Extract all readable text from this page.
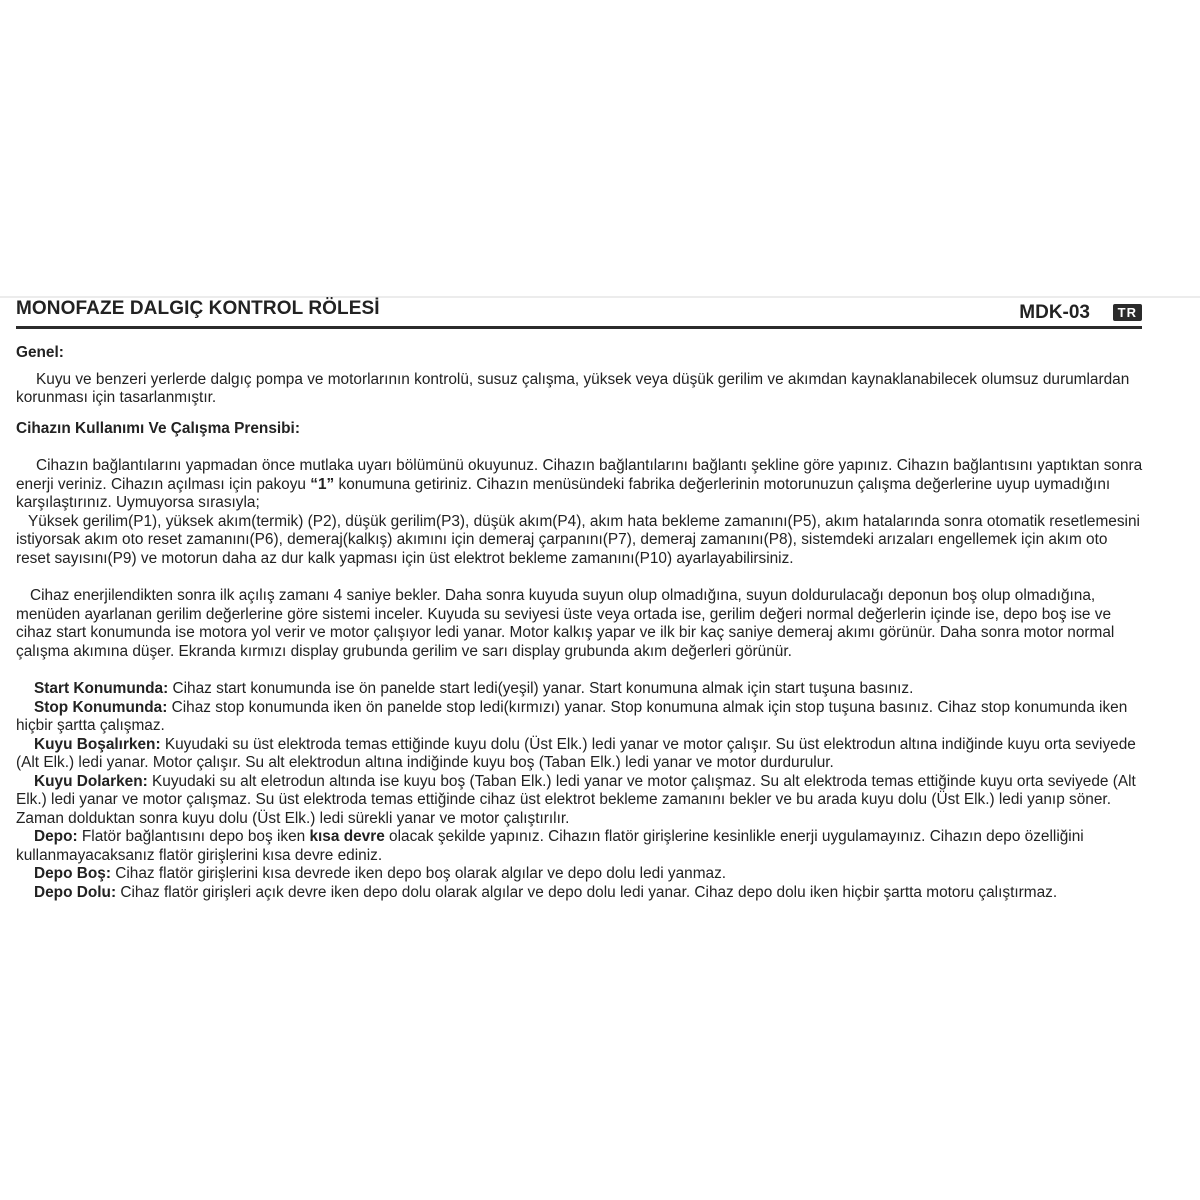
MONOFAZE DALGIÇ KONTROL RÖLESİ	MDK-03	TR

Genel:

Kuyu ve benzeri yerlerde dalgıç pompa ve motorlarının kontrolü, susuz çalışma, yüksek veya düşük gerilim ve akımdan kaynaklanabilecek olumsuz durumlardan korunması için tasarlanmıştır.

Cihazın Kullanımı Ve Çalışma Prensibi:

Cihazın bağlantılarını yapmadan önce mutlaka uyarı bölümünü okuyunuz. Cihazın bağlantılarını bağlantı şekline göre yapınız. Cihazın bağlantısını yaptıktan sonra enerji veriniz. Cihazın açılması için pakoyu “1” konumuna getiriniz. Cihazın menüsündeki fabrika değerlerinin motorunuzun çalışma değerlerine uyup uymadığını karşılaştırınız. Uymuyorsa sırasıyla;

Yüksek gerilim(P1), yüksek akım(termik) (P2), düşük gerilim(P3), düşük akım(P4), akım hata bekleme zamanını(P5), akım hatalarında sonra otomatik resetlemesini istiyorsak akım oto reset zamanını(P6), demeraj(kalkış) akımını için demeraj çarpanını(P7), demeraj zamanını(P8), sistemdeki arızaları engellemek için akım oto reset sayısını(P9) ve motorun daha az dur kalk yapması için üst elektrot bekleme zamanını(P10) ayarlayabilirsiniz.

Cihaz enerjilendikten sonra ilk açılış zamanı 4 saniye bekler. Daha sonra kuyuda suyun olup olmadığına, suyun doldurulacağı deponun boş olup olmadığına, menüden ayarlanan gerilim değerlerine göre sistemi inceler. Kuyuda su seviyesi üste veya ortada ise, gerilim değeri normal değerlerin içinde ise, depo boş ise ve cihaz start konumunda ise motora yol verir ve motor çalışıyor ledi yanar. Motor kalkış yapar ve ilk bir kaç saniye demeraj akımı görünür. Daha sonra motor normal çalışma akımına düşer. Ekranda kırmızı display grubunda gerilim ve sarı display grubunda akım değerleri görünür.

Start Konumunda: Cihaz start konumunda ise ön panelde start ledi(yeşil) yanar. Start konumuna almak için start tuşuna basınız.

Stop Konumunda: Cihaz stop konumunda iken ön panelde stop ledi(kırmızı) yanar. Stop konumuna almak için stop tuşuna basınız. Cihaz stop konumunda iken hiçbir şartta çalışmaz.

Kuyu Boşalırken: Kuyudaki su üst elektroda temas ettiğinde kuyu dolu (Üst Elk.) ledi yanar ve motor çalışır. Su üst elektrodun altına indiğinde kuyu orta seviyede (Alt Elk.) ledi yanar. Motor çalışır. Su alt elektrodun altına indiğinde kuyu boş (Taban Elk.) ledi yanar ve motor durdurulur.

Kuyu Dolarken: Kuyudaki su alt eletrodun altında ise kuyu boş (Taban Elk.) ledi yanar ve motor çalışmaz. Su alt elektroda temas ettiğinde kuyu orta seviyede (Alt Elk.) ledi yanar ve motor çalışmaz. Su üst elektroda temas ettiğinde cihaz üst elektrot bekleme zamanını bekler ve bu arada kuyu dolu (Üst Elk.) ledi yanıp söner. Zaman dolduktan sonra kuyu dolu (Üst Elk.) ledi sürekli yanar ve motor çalıştırılır.

Depo: Flatör bağlantısını depo boş iken kısa devre olacak şekilde yapınız. Cihazın flatör girişlerine kesinlikle enerji uygulamayınız. Cihazın depo özelliğini kullanmayacaksanız flatör girişlerini kısa devre ediniz.

Depo Boş: Cihaz flatör girişlerini kısa devrede iken depo boş olarak algılar ve depo dolu ledi yanmaz.

Depo Dolu: Cihaz flatör girişleri açık devre iken depo dolu olarak algılar ve depo dolu ledi yanar. Cihaz depo dolu iken hiçbir şartta motoru çalıştırmaz.
